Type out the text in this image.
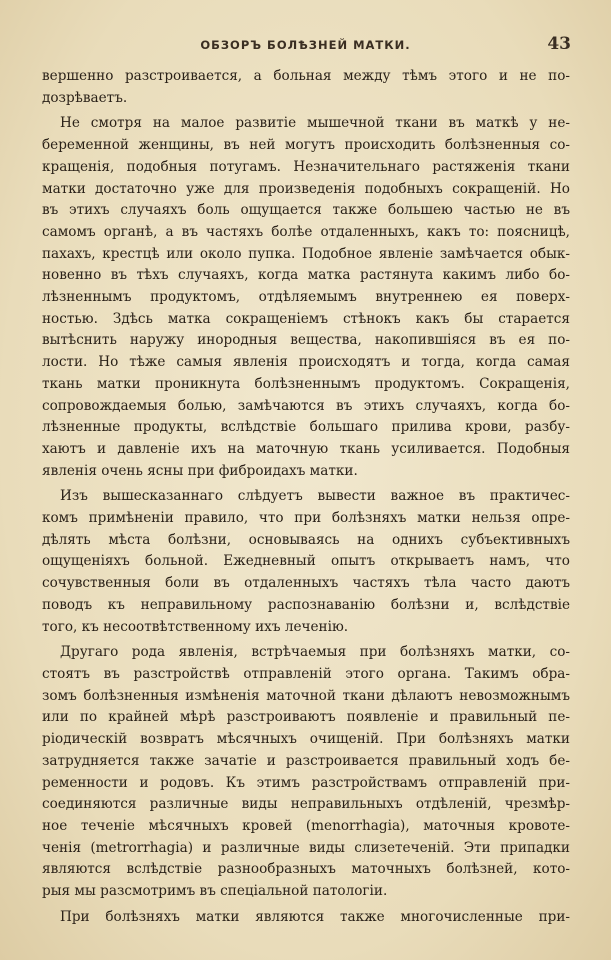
ОБЗОРЪ БОЛѢЗНЕЙ МАТКИ.	43
вершенно разстроивается, а больная между тѣмъ этого и не по-
дозрѣваетъ.
Не смотря на малое развитіе мышечной ткани въ маткѣ у не-
беременной женщины, въ ней могутъ происходить болѣзненныя со-
кращенія, подобныя потугамъ. Незначительнаго растяженія ткани
матки достаточно уже для произведенія подобныхъ сокращеній. Но
въ этихъ случаяхъ боль ощущается также большею частью не въ
самомъ органѣ, а въ частяхъ болѣе отдаленныхъ, какъ то: поясницѣ,
пахахъ, крестцѣ или около пупка. Подобное явленіе замѣчается обык-
новенно въ тѣхъ случаяхъ, когда матка растянута какимъ либо бо-
лѣзненнымъ продуктомъ, отдѣляемымъ внутреннею ея поверх-
ностью. Здѣсь матка сокращеніемъ стѣнокъ какъ бы старается
вытѣснить наружу инородныя вещества, накопившіяся въ ея по-
лости. Но тѣже самыя явленія происходятъ и тогда, когда самая
ткань матки проникнута болѣзненнымъ продуктомъ. Сокращенія,
сопровождаемыя болью, замѣчаются въ этихъ случаяхъ, когда бо-
лѣзненные продукты, вслѣдствіе большаго прилива крови, разбу-
хаютъ и давленіе ихъ на маточную ткань усиливается. Подобныя
явленія очень ясны при фиброидахъ матки.
Изъ вышесказаннаго слѣдуетъ вывести важное въ практичес-
комъ примѣненіи правило, что при болѣзняхъ матки нельзя опре-
дѣлять мѣста болѣзни, основываясь на однихъ субъективныхъ
ощущеніяхъ больной. Ежедневный опытъ открываетъ намъ, что
сочувственныя боли въ отдаленныхъ частяхъ тѣла часто даютъ
поводъ къ неправильному распознаванію болѣзни и, вслѣдствіе
того, къ несоотвѣтственному ихъ леченію.
Другаго рода явленія, встрѣчаемыя при болѣзняхъ матки, со-
стоятъ въ разстройствѣ отправленій этого органа. Такимъ обра-
зомъ болѣзненныя измѣненія маточной ткани дѣлаютъ невозможнымъ
или по крайней мѣрѣ разстроиваютъ появленіе и правильный пе-
ріодическій возвратъ мѣсячныхъ очищеній. При болѣзняхъ матки
затрудняется также зачатіе и разстроивается правильный ходъ бе-
ременности и родовъ. Къ этимъ разстройствамъ отправленій при-
соединяются различные виды неправильныхъ отдѣленій, чрезмѣр-
ное теченіе мѣсячныхъ кровей (menorrhagia), маточныя кровоте-
ченія (metrorrhagia) и различные виды слизетеченій. Эти припадки
являются вслѣдствіе разнообразныхъ маточныхъ болѣзней, кото-
рыя мы разсмотримъ въ спеціальной патологіи.
При болѣзняхъ матки являются также многочисленные при-
